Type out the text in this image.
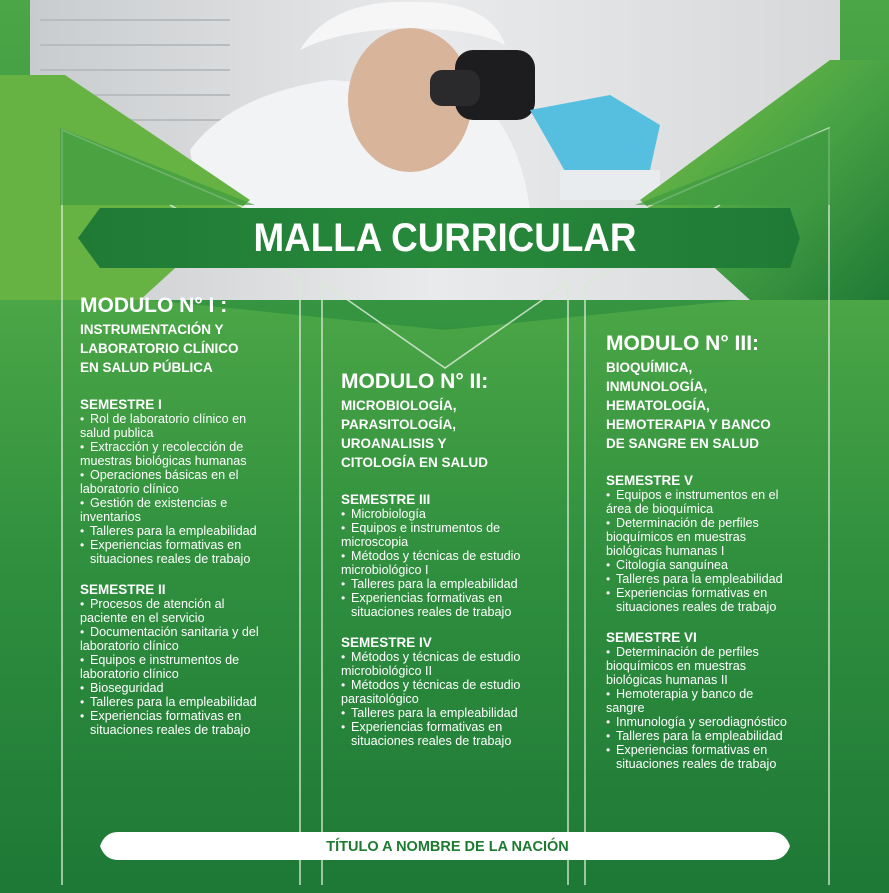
MALLA CURRICULAR
MODULO N° I :
INSTRUMENTACIÓN Y
LABORATORIO CLÍNICO
EN SALUD PÚBLICA
SEMESTRE I
• Rol de laboratorio clínico en
salud publica
• Extracción y recolección de
muestras biológicas humanas
• Operaciones básicas en el
laboratorio clínico
• Gestión de existencias e
inventarios
• Talleres para la empleabilidad
• Experiencias formativas en
situaciones reales de trabajo
SEMESTRE II
• Procesos de atención al
paciente en el servicio
• Documentación sanitaria y del
laboratorio clínico
• Equipos e instrumentos de
laboratorio clínico
• Bioseguridad
• Talleres para la empleabilidad
• Experiencias formativas en
situaciones reales de trabajo
MODULO N° II:
MICROBIOLOGÍA,
PARASITOLOGÍA,
UROANALISIS Y
CITOLOGÍA EN SALUD
SEMESTRE III
• Microbiología
• Equipos e instrumentos de
microscopia
• Métodos y técnicas de estudio
microbiológico I
• Talleres para la empleabilidad
• Experiencias formativas en
situaciones reales de trabajo
SEMESTRE IV
• Métodos y técnicas de estudio
microbiológico II
• Métodos y técnicas de estudio
parasitológico
• Talleres para la empleabilidad
• Experiencias formativas en
situaciones reales de trabajo
MODULO N° III:
BIOQUÍMICA,
INMUNOLOGÍA,
HEMATOLOGÍA,
HEMOTERAPIA Y BANCO
DE SANGRE EN SALUD
SEMESTRE V
• Equipos e instrumentos en el
área de bioquímica
• Determinación de perfiles
bioquímicos en muestras
biológicas humanas I
• Citología sanguínea
• Talleres para la empleabilidad
• Experiencias formativas en
situaciones reales de trabajo
SEMESTRE VI
• Determinación de perfiles
bioquímicos en muestras
biológicas humanas II
• Hemoterapia y banco de
sangre
• Inmunología y serodiagnóstico
• Talleres para la empleabilidad
• Experiencias formativas en
situaciones reales de trabajo
TÍTULO A NOMBRE DE LA NACIÓN
